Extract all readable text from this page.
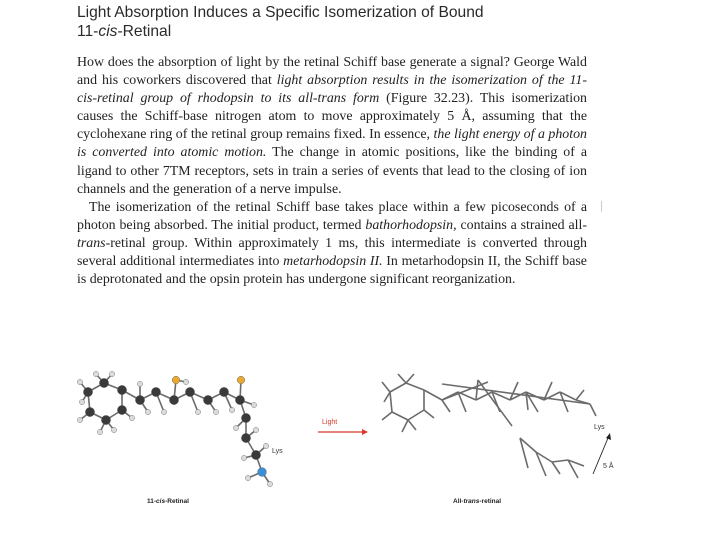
Light Absorption Induces a Specific Isomerization of Bound
11-cis-Retinal

How does the absorption of light by the retinal Schiff base generate a signal? George Wald and his coworkers discovered that light absorption results in the isomerization of the 11-cis-retinal group of rhodopsin to its all-trans form (Figure 32.23). This isomerization causes the Schiff-base nitrogen atom to move approximately 5 Å, assuming that the cyclohexane ring of the retinal group remains fixed. In essence, the light energy of a photon is converted into atomic motion. The change in atomic positions, like the binding of a ligand to other 7TM receptors, sets in train a series of events that lead to the closing of ion channels and the generation of a nerve impulse.

The isomerization of the retinal Schiff base takes place within a few picoseconds of a photon being absorbed. The initial product, termed bathorhodopsin, contains a strained all-trans-retinal group. Within approximately 1 ms, this intermediate is converted through several additional intermediates into metarhodopsin II. In metarhodopsin II, the Schiff base is deprotonated and the opsin protein has undergone significant reorganization.

Light
5 Å
Lys
Lys
11-cis-Retinal	All-trans-retinal
